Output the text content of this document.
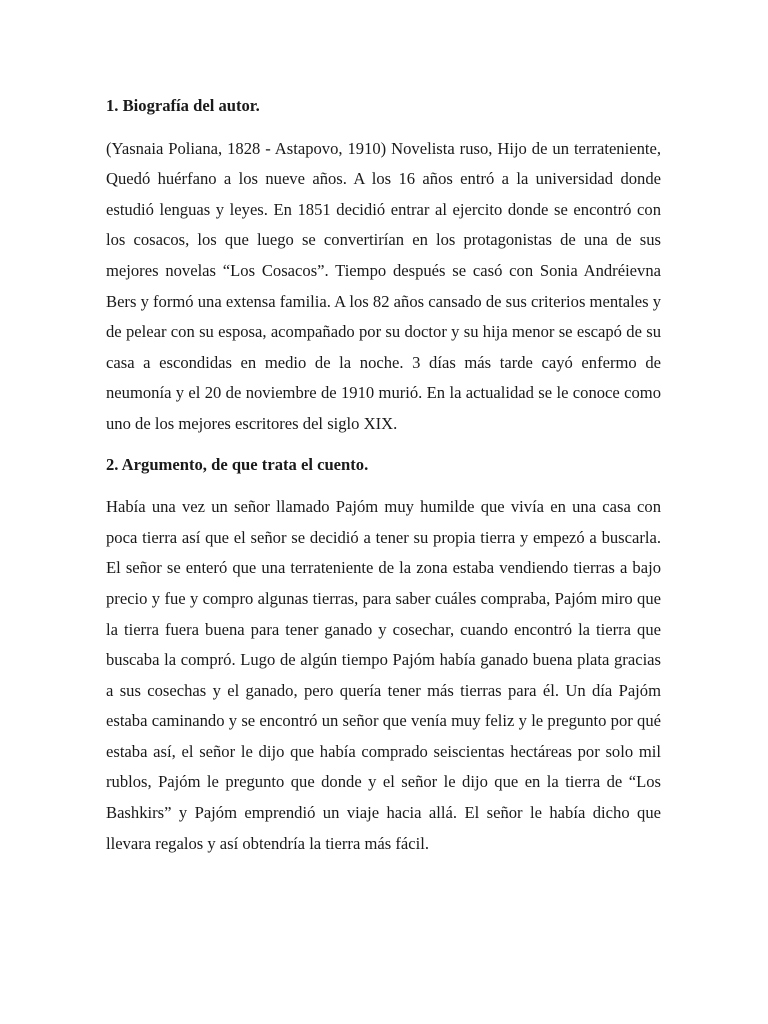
1. Biografía del autor.

(Yasnaia Poliana, 1828 - Astapovo, 1910) Novelista ruso, Hijo de un terrateniente, Quedó huérfano a los nueve años. A los 16 años entró a la universidad donde estudió lenguas y leyes. En 1851 decidió entrar al ejercito donde se encontró con los cosacos, los que luego se convertirían en los protagonistas de una de sus mejores novelas “Los Cosacos”. Tiempo después se casó con Sonia Andréievna Bers y formó una extensa familia. A los 82 años cansado de sus criterios mentales y de pelear con su esposa, acompañado por su doctor y su hija menor se escapó de su casa a escondidas en medio de la noche. 3 días más tarde cayó enfermo de neumonía y el 20 de noviembre de 1910 murió. En la actualidad se le conoce como uno de los mejores escritores del siglo XIX.

2. Argumento, de que trata el cuento.

Había una vez un señor llamado Pajóm muy humilde que vivía en una casa con poca tierra así que el señor se decidió a tener su propia tierra y empezó a buscarla. El señor se enteró que una terrateniente de la zona estaba vendiendo tierras a bajo precio y fue y compro algunas tierras, para saber cuáles compraba, Pajóm miro que la tierra fuera buena para tener ganado y cosechar, cuando encontró la tierra que buscaba la compró. Lugo de algún tiempo Pajóm había ganado buena plata gracias a sus cosechas y el ganado, pero quería tener más tierras para él. Un día Pajóm estaba caminando y se encontró un señor que venía muy feliz y le pregunto por qué estaba así, el señor le dijo que había comprado seiscientas hectáreas por solo mil rublos, Pajóm le pregunto que donde y el señor le dijo que en la tierra de “Los Bashkirs” y Pajóm emprendió un viaje hacia allá. El señor le había dicho que llevara regalos y así obtendría la tierra más fácil.
